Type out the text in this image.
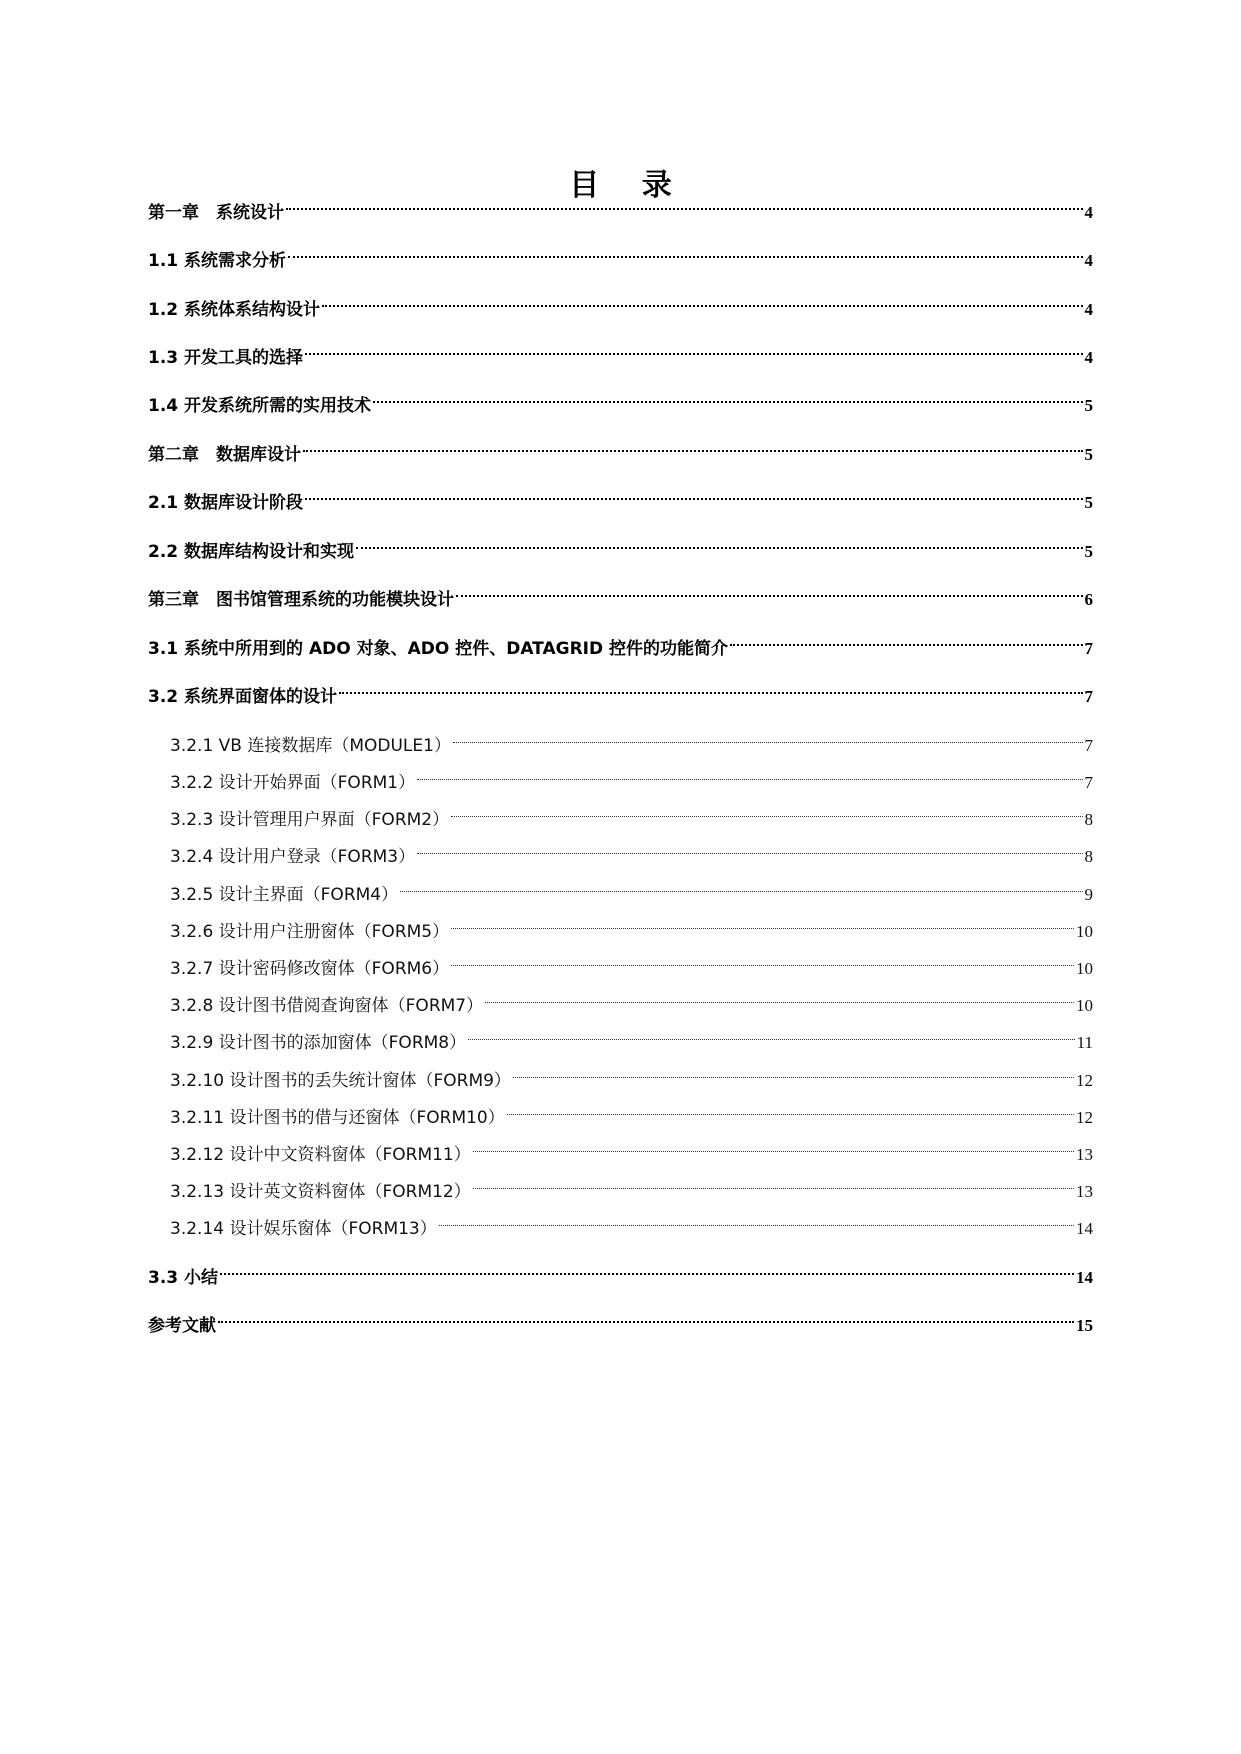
目 录
第一章　系统设计	4
1.1 系统需求分析	4
1.2 系统体系结构设计	4
1.3 开发工具的选择	4
1.4 开发系统所需的实用技术	5
第二章　数据库设计	5
2.1 数据库设计阶段	5
2.2 数据库结构设计和实现	5
第三章　图书馆管理系统的功能模块设计	6
3.1 系统中所用到的 ADO 对象、ADO 控件、DATAGRID 控件的功能简介	7
3.2 系统界面窗体的设计	7
3.2.1 VB 连接数据库（MODULE1）	7
3.2.2 设计开始界面（FORM1）	7
3.2.3 设计管理用户界面（FORM2）	8
3.2.4 设计用户登录（FORM3）	8
3.2.5 设计主界面（FORM4）	9
3.2.6 设计用户注册窗体（FORM5）	10
3.2.7 设计密码修改窗体（FORM6）	10
3.2.8 设计图书借阅查询窗体（FORM7）	10
3.2.9 设计图书的添加窗体（FORM8）	11
3.2.10 设计图书的丢失统计窗体（FORM9）	12
3.2.11 设计图书的借与还窗体（FORM10）	12
3.2.12 设计中文资料窗体（FORM11）	13
3.2.13 设计英文资料窗体（FORM12）	13
3.2.14 设计娱乐窗体（FORM13）	14
3.3 小结	14
参考文献	15
